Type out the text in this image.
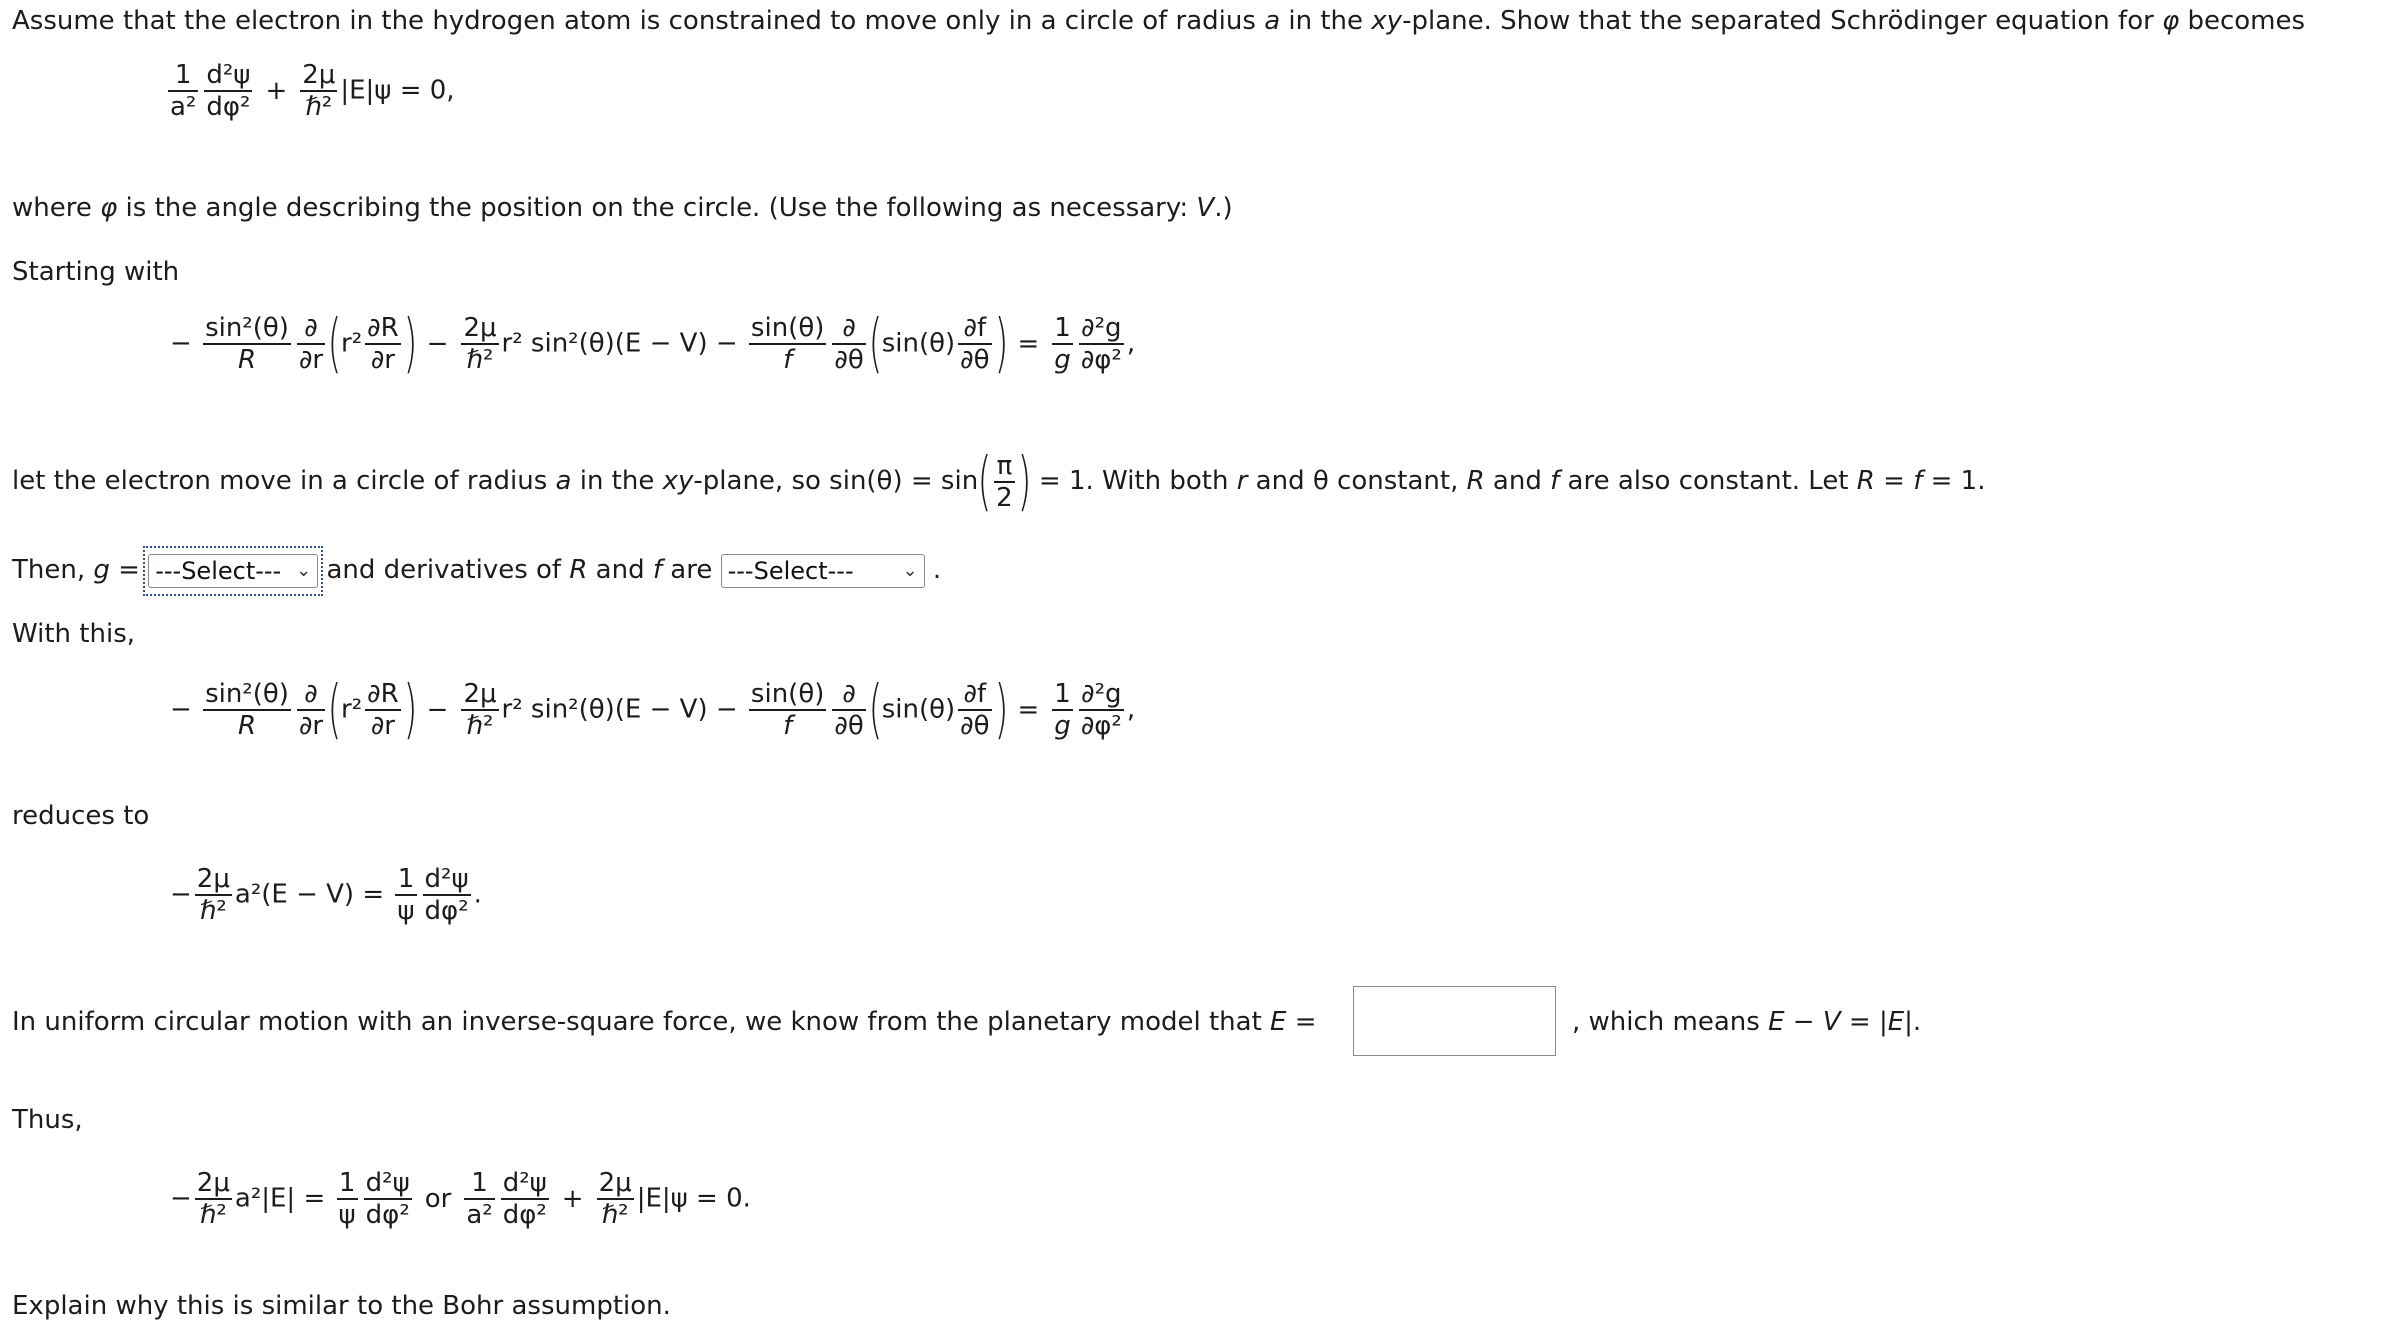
Assume that the electron in the hydrogen atom is constrained to move only in a circle of radius a in the xy-plane. Show that the separated Schrödinger equation for φ becomes
$\frac{1}{\text{a²}} \frac{\text{d²ψ}}{\text{dφ²}} + \frac{2\mu}{\text{ℏ²}} |E|\psi = 0$,
where φ is the angle describing the position on the circle. (Use the following as necessary: V.)
Starting with
− $\frac{\text{sin²(θ)}}{R} \frac{\partial}{\partial r} (r^2 \frac{\partial R}{\partial r}$ ) − $\frac{2\mu}{\text{ℏ²}} r^2$ $\sin^2(\theta)(E - V) - \frac{\sin(\theta)}{f} \frac{\partial}{\partial\theta} (\sin(\theta) \frac{\partial f}{\partial\theta}$ ) = $\frac{1}{g} \frac{\text{∂²g}}{\text{∂φ²}}$ ,
let the electron move in a circle of radius a in the xy-plane, so $\sin(\theta) = \sin( \frac{\pi}{2}$ ) = 1. With both r and θ constant, R and f are also constant. Let R = f = 1.
Then, g = ---Select--- ⌄ and derivatives of R and f are ---Select---	⌄ .
With this,
− $\frac{\text{sin²(θ)}}{R} \frac{\partial}{\partial r} (r^2 \frac{\partial R}{\partial r}$ ) − $\frac{2\mu}{\text{ℏ²}} r^2$ $\sin^2(\theta)(E - V) - \frac{\sin(\theta)}{f} \frac{\partial}{\partial\theta} (\sin(\theta) \frac{\partial f}{\partial\theta}$ ) = $\frac{1}{g} \frac{\text{∂²g}}{\text{∂φ²}}$ ,
reduces to
− $\frac{2\mu}{\text{ℏ²}} a^2(E - V) = \frac{1}{\psi} \frac{\text{d²ψ}}{\text{dφ²}}$ .
In uniform circular motion with an inverse-square force, we know from the planetary model that E =	, which means E − V = |E|.
Thus,
− $\frac{2\mu}{\text{ℏ²}} a^2|E| = \frac{1}{\psi} \frac{\text{d²ψ}}{\text{dφ²}}$ or $\frac{1}{\text{a²}} \frac{\text{d²ψ}}{\text{dφ²}} + \frac{2\mu}{\text{ℏ²}} |E|\psi = 0$.
Explain why this is similar to the Bohr assumption.
